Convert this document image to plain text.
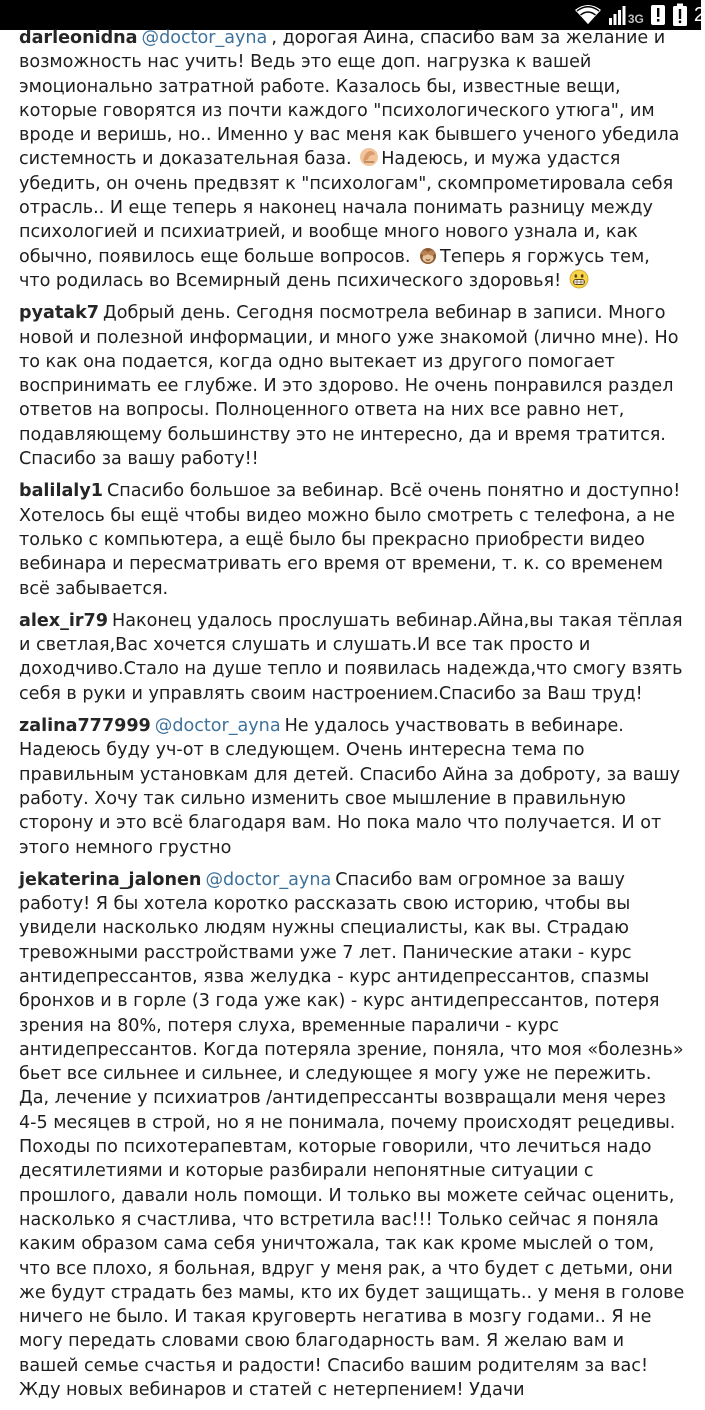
3G	2

darleonidna @doctor_ayna , дорогая Аина, спасибо вам за желание и возможность нас учить! Ведь это еще доп. нагрузка к вашей эмоционально затратной работе. Казалось бы, известные вещи, которые говорятся из почти каждого "психологического утюга", им вроде и веришь, но.. Именно у вас меня как бывшего ученого убедила системность и доказательная база. Надеюсь, и мужа удастся убедить, он очень предвзят к "психологам", скомпрометировала себя отрасль.. И еще теперь я наконец начала понимать разницу между психологией и психиатрией, и вообще много нового узнала и, как обычно, появилось еще больше вопросов. Теперь я горжусь тем, что родилась во Всемирный день психического здоровья!

pyatak7 Добрый день. Сегодня посмотрела вебинар в записи. Много новой и полезной информации, и много уже знакомой (лично мне). Но то как она подается, когда одно вытекает из другого помогает воспринимать ее глубже. И это здорово. Не очень понравился раздел ответов на вопросы. Полноценного ответа на них все равно нет, подавляющему большинству это не интересно, да и время тратится. Спасибо за вашу работу!!

balilaly1 Спасибо большое за вебинар. Всё очень понятно и доступно! Хотелось бы ещё чтобы видео можно было смотреть с телефона, а не только с компьютера, а ещё было бы прекрасно приобрести видео вебинара и пересматривать его время от времени, т. к. со временем всё забывается.

alex_ir79 Наконец удалось прослушать вебинар.Айна,вы такая тёплая и светлая,Вас хочется слушать и слушать.И все так просто и доходчиво.Стало на душе тепло и появилась надежда,что смогу взять себя в руки и управлять своим настроением.Спасибо за Ваш труд!

zalina777999 @doctor_ayna Не удалось участвовать в вебинаре. Надеюсь буду уч-от в следующем. Очень интересна тема по правильным установкам для детей. Спасибо Айна за доброту, за вашу работу. Хочу так сильно изменить свое мышление в правильную сторону и это всё благодаря вам. Но пока мало что получается. И от этого немного грустно

jekaterina_jalonen @doctor_ayna Спасибо вам огромное за вашу работу! Я бы хотела коротко рассказать свою историю, чтобы вы увидели насколько людям нужны специалисты, как вы. Страдаю тревожными расстройствами уже 7 лет. Панические атаки - курс антидепрессантов, язва желудка - курс антидепрессантов, спазмы бронхов и в горле (3 года уже как) - курс антидепрессантов, потеря зрения на 80%, потеря слуха, временные параличи - курс антидепрессантов. Когда потеряла зрение, поняла, что моя «болезнь» бьет все сильнее и сильнее, и следующее я могу уже не пережить. Да, лечение у психиатров /антидепрессанты возвращали меня через 4-5 месяцев в строй, но я не понимала, почему происходят рецедивы. Походы по психотерапевтам, которые говорили, что лечиться надо десятилетиями и которые разбирали непонятные ситуации с прошлого, давали ноль помощи. И только вы можете сейчас оценить, насколько я счастлива, что встретила вас!!! Только сейчас я поняла каким образом сама себя уничтожала, так как кроме мыслей о том, что все плохо, я больная, вдруг у меня рак, а что будет с детьми, они же будут страдать без мамы, кто их будет защищать.. у меня в голове ничего не было. И такая круговерть негатива в мозгу годами.. Я не могу передать словами свою благодарность вам. Я желаю вам и вашей семье счастья и радости! Спасибо вашим родителям за вас! Жду новых вебинаров и статей с нетерпением! Удачи
